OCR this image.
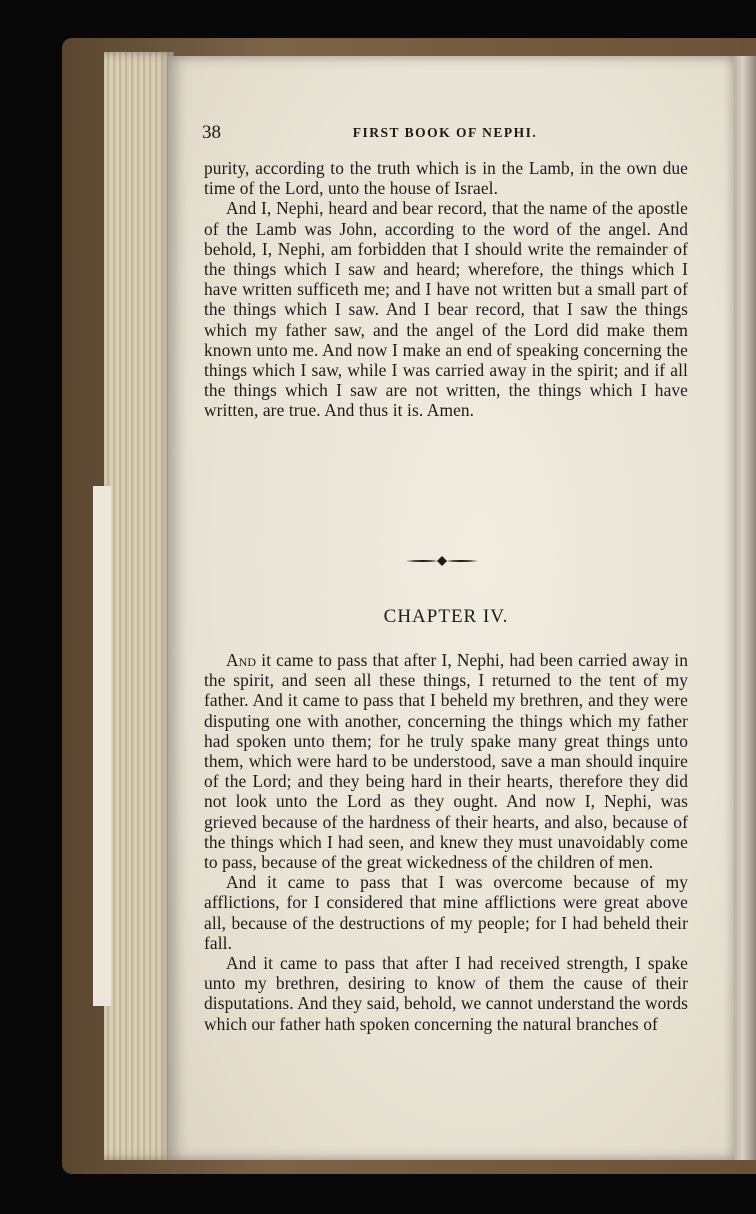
38	FIRST BOOK OF NEPHI.

purity, according to the truth which is in the Lamb, in the own due time of the Lord, unto the house of Israel.

And I, Nephi, heard and bear record, that the name of the apostle of the Lamb was John, according to the word of the angel. And behold, I, Nephi, am forbidden that I should write the remainder of the things which I saw and heard; wherefore, the things which I have written sufficeth me; and I have not written but a small part of the things which I saw. And I bear record, that I saw the things which my father saw, and the angel of the Lord did make them known unto me. And now I make an end of speaking concerning the things which I saw, while I was carried away in the spirit; and if all the things which I saw are not written, the things which I have written, are true. And thus it is. Amen.

CHAPTER IV.

And it came to pass that after I, Nephi, had been carried away in the spirit, and seen all these things, I returned to the tent of my father. And it came to pass that I beheld my brethren, and they were disputing one with another, concerning the things which my father had spoken unto them; for he truly spake many great things unto them, which were hard to be understood, save a man should inquire of the Lord; and they being hard in their hearts, therefore they did not look unto the Lord as they ought. And now I, Nephi, was grieved because of the hardness of their hearts, and also, because of the things which I had seen, and knew they must unavoidably come to pass, because of the great wickedness of the children of men.

And it came to pass that I was overcome because of my afflictions, for I considered that mine afflictions were great above all, because of the destructions of my people; for I had beheld their fall.

And it came to pass that after I had received strength, I spake unto my brethren, desiring to know of them the cause of their disputations. And they said, behold, we cannot understand the words which our father hath spoken concerning the natural branches of
